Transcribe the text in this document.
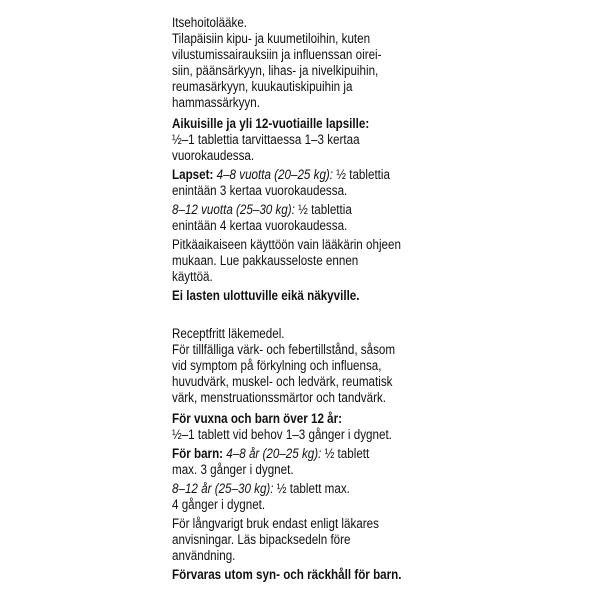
Itsehoitolääke.
Tilapäisiin kipu- ja kuumetiloihin, kuten
vilustumissairauksiin ja influenssan oirei-
siin, päänsärkyyn, lihas- ja nivelkipuihin,
reumasärkyyn, kuukautiskipuihin ja
hammassärkyyn.
Aikuisille ja yli 12-vuotiaille lapsille:
½–1 tablettia tarvittaessa 1–3 kertaa
vuorokaudessa.
Lapset: 4–8 vuotta (20–25 kg): ½ tablettia
enintään 3 kertaa vuorokaudessa.
8–12 vuotta (25–30 kg): ½ tablettia
enintään 4 kertaa vuorokaudessa.
Pitkäaikaiseen käyttöön vain lääkärin ohjeen
mukaan. Lue pakkausseloste ennen
käyttöä.
Ei lasten ulottuville eikä näkyville.
Receptfritt läkemedel.
För tillfälliga värk- och febertillstånd, såsom
vid symptom på förkylning och influensa,
huvudvärk, muskel- och ledvärk, reumatisk
värk, menstruationssmärtor och tandvärk.
För vuxna och barn över 12 år:
½–1 tablett vid behov 1–3 gånger i dygnet.
För barn: 4–8 år (20–25 kg): ½ tablett
max. 3 gånger i dygnet.
8–12 år (25–30 kg): ½ tablett max.
4 gånger i dygnet.
För långvarigt bruk endast enligt läkares
anvisningar. Läs bipacksedeln före
användning.
Förvaras utom syn- och räckhåll för barn.
